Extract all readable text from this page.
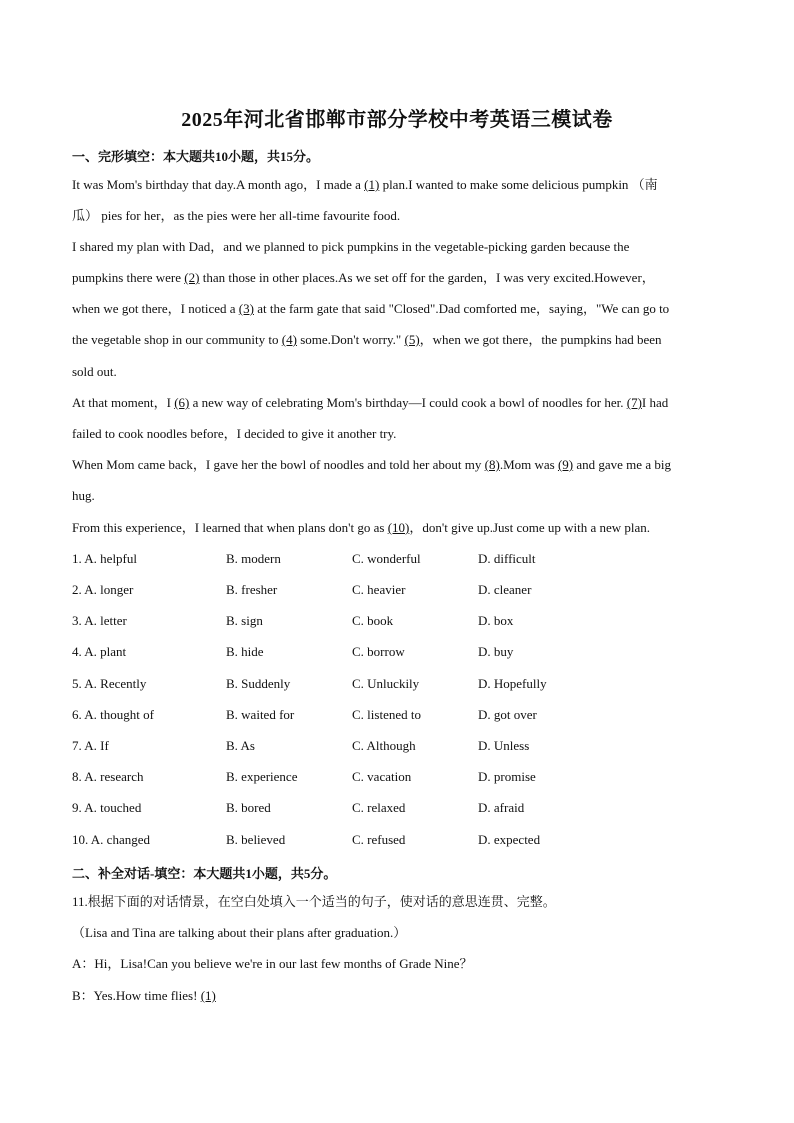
2025年河北省邯郸市部分学校中考英语三模试卷
一、完形填空：本大题共10小题，共15分。
It was Mom's birthday that day.A month ago，I made a (1) plan.I wanted to make some delicious pumpkin （南
瓜） pies for her，as the pies were her all-time favourite food.
I shared my plan with Dad，and we planned to pick pumpkins in the vegetable-picking garden because the
pumpkins there were (2) than those in other places.As we set off for the garden，I was very excited.However，
when we got there，I noticed a (3) at the farm gate that said "Closed".Dad comforted me，saying，"We can go to
the vegetable shop in our community to (4) some.Don't worry." (5)，when we got there，the pumpkins had been
sold out.
At that moment，I (6) a new way of celebrating Mom's birthday—I could cook a bowl of noodles for her. (7)I had
failed to cook noodles before，I decided to give it another try.
When Mom came back，I gave her the bowl of noodles and told her about my (8).Mom was (9) and gave me a big
hug.
From this experience，I learned that when plans don't go as (10)，don't give up.Just come up with a new plan.
1. A. helpful	B. modern	C. wonderful	D. difficult
2. A. longer	B. fresher	C. heavier	D. cleaner
3. A. letter	B. sign	C. book	D. box
4. A. plant	B. hide	C. borrow	D. buy
5. A. Recently	B. Suddenly	C. Unluckily	D. Hopefully
6. A. thought of	B. waited for	C. listened to	D. got over
7. A. If	B. As	C. Although	D. Unless
8. A. research	B. experience	C. vacation	D. promise
9. A. touched	B. bored	C. relaxed	D. afraid
10. A. changed	B. believed	C. refused	D. expected
二、补全对话-填空：本大题共1小题，共5分。
11.根据下面的对话情景，在空白处填入一个适当的句子，使对话的意思连贯、完整。
（Lisa and Tina are talking about their plans after graduation.）
A：Hi，Lisa!Can you believe we're in our last few months of Grade Nine？
B：Yes.How time flies! (1)
